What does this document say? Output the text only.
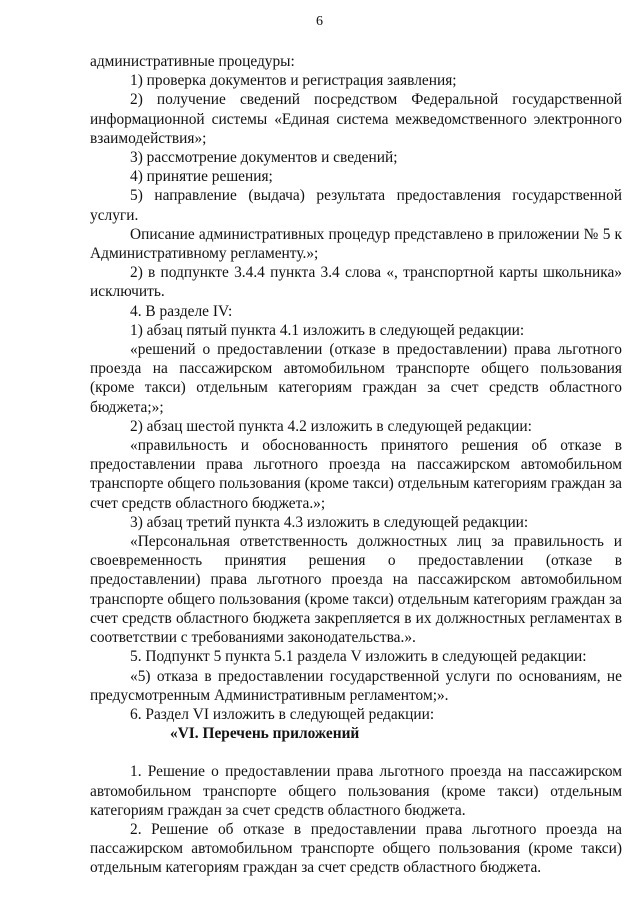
6

административные процедуры:

1) проверка документов и регистрация заявления;

2) получение сведений посредством Федеральной государственной информационной системы «Единая система межведомственного электронного взаимодействия»;

3) рассмотрение документов и сведений;

4) принятие решения;

5) направление (выдача) результата предоставления государственной услуги.

Описание административных процедур представлено в приложении № 5 к Административному регламенту.»;

2) в подпункте 3.4.4 пункта 3.4 слова «, транспортной карты школьника» исключить.

4. В разделе IV:

1) абзац пятый пункта 4.1 изложить в следующей редакции:

«решений о предоставлении (отказе в предоставлении) права льготного проезда на пассажирском автомобильном транспорте общего пользования (кроме такси) отдельным категориям граждан за счет средств областного бюджета;»;

2) абзац шестой пункта 4.2 изложить в следующей редакции:

«правильность и обоснованность принятого решения об отказе в предоставлении права льготного проезда на пассажирском автомобильном транспорте общего пользования (кроме такси) отдельным категориям граждан за счет средств областного бюджета.»;

3) абзац третий пункта 4.3 изложить в следующей редакции:

«Персональная ответственность должностных лиц за правильность и своевременность принятия решения о предоставлении (отказе в предоставлении) права льготного проезда на пассажирском автомобильном транспорте общего пользования (кроме такси) отдельным категориям граждан за счет средств областного бюджета закрепляется в их должностных регламентах в соответствии с требованиями законодательства.».

5. Подпункт 5 пункта 5.1 раздела V изложить в следующей редакции:

«5) отказа в предоставлении государственной услуги по основаниям, не предусмотренным Административным регламентом;».

6. Раздел VI изложить в следующей редакции:

«VI. Перечень приложений

1. Решение о предоставлении права льготного проезда на пассажирском автомобильном транспорте общего пользования (кроме такси) отдельным категориям граждан за счет средств областного бюджета.

2. Решение об отказе в предоставлении права льготного проезда на пассажирском автомобильном транспорте общего пользования (кроме такси) отдельным категориям граждан за счет средств областного бюджета.
